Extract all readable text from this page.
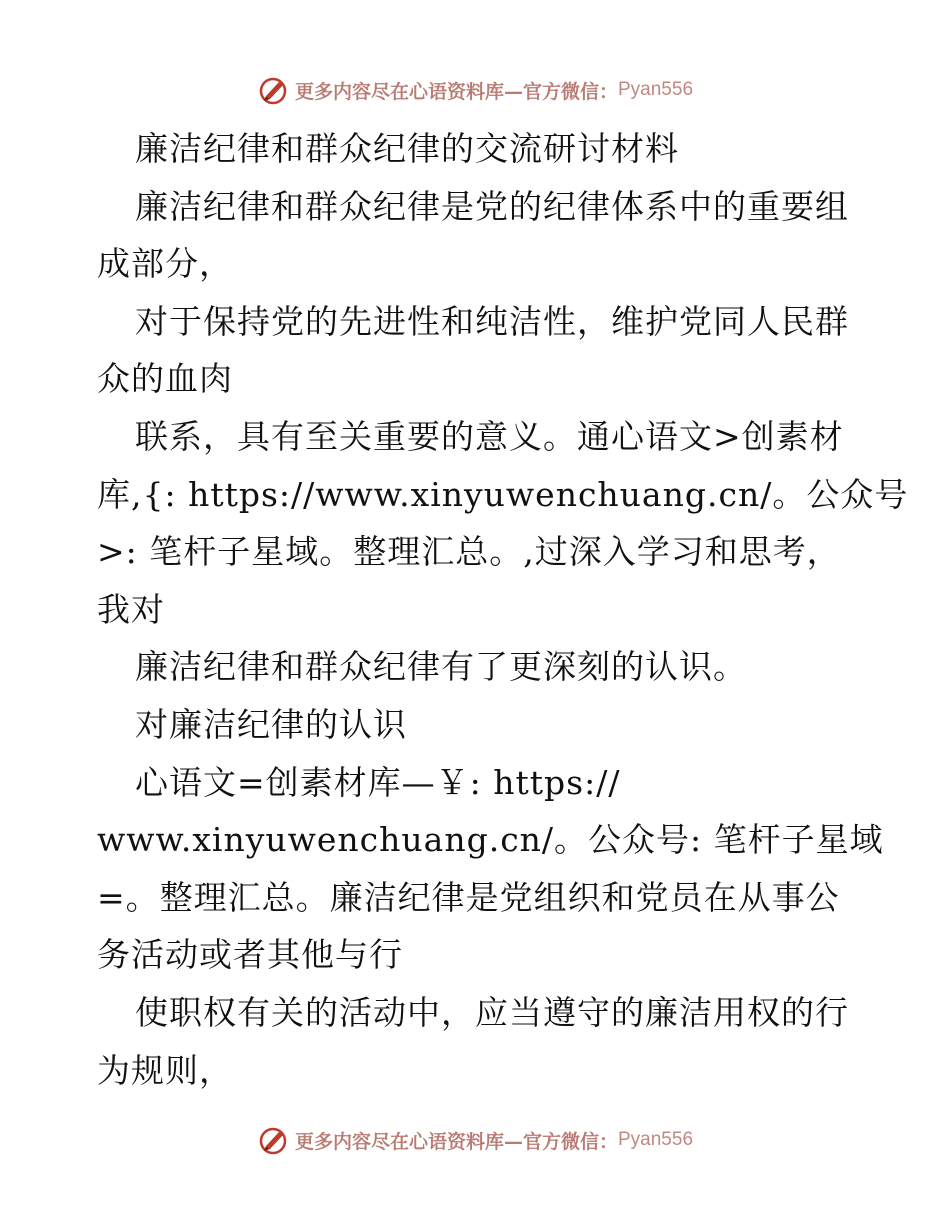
更多内容尽在心语资料库—官方微信： Pyan556
廉洁纪律和群众纪律的交流研讨材料
廉洁纪律和群众纪律是党的纪律体系中的重要组
成部分，
对于保持党的先进性和纯洁性，维护党同人民群
众的血肉
联系，具有至关重要的意义。通心语文>创素材
库,{: https://www.xinyuwenchuang.cn/。公众号
>: 笔杆子星域。整理汇总。,过深入学习和思考，
我对
廉洁纪律和群众纪律有了更深刻的认识。
对廉洁纪律的认识
心语文=创素材库—￥: https://
www.xinyuwenchuang.cn/。公众号: 笔杆子星域
=。整理汇总。廉洁纪律是党组织和党员在从事公
务活动或者其他与行
使职权有关的活动中，应当遵守的廉洁用权的行
为规则，
更多内容尽在心语资料库—官方微信： Pyan556
